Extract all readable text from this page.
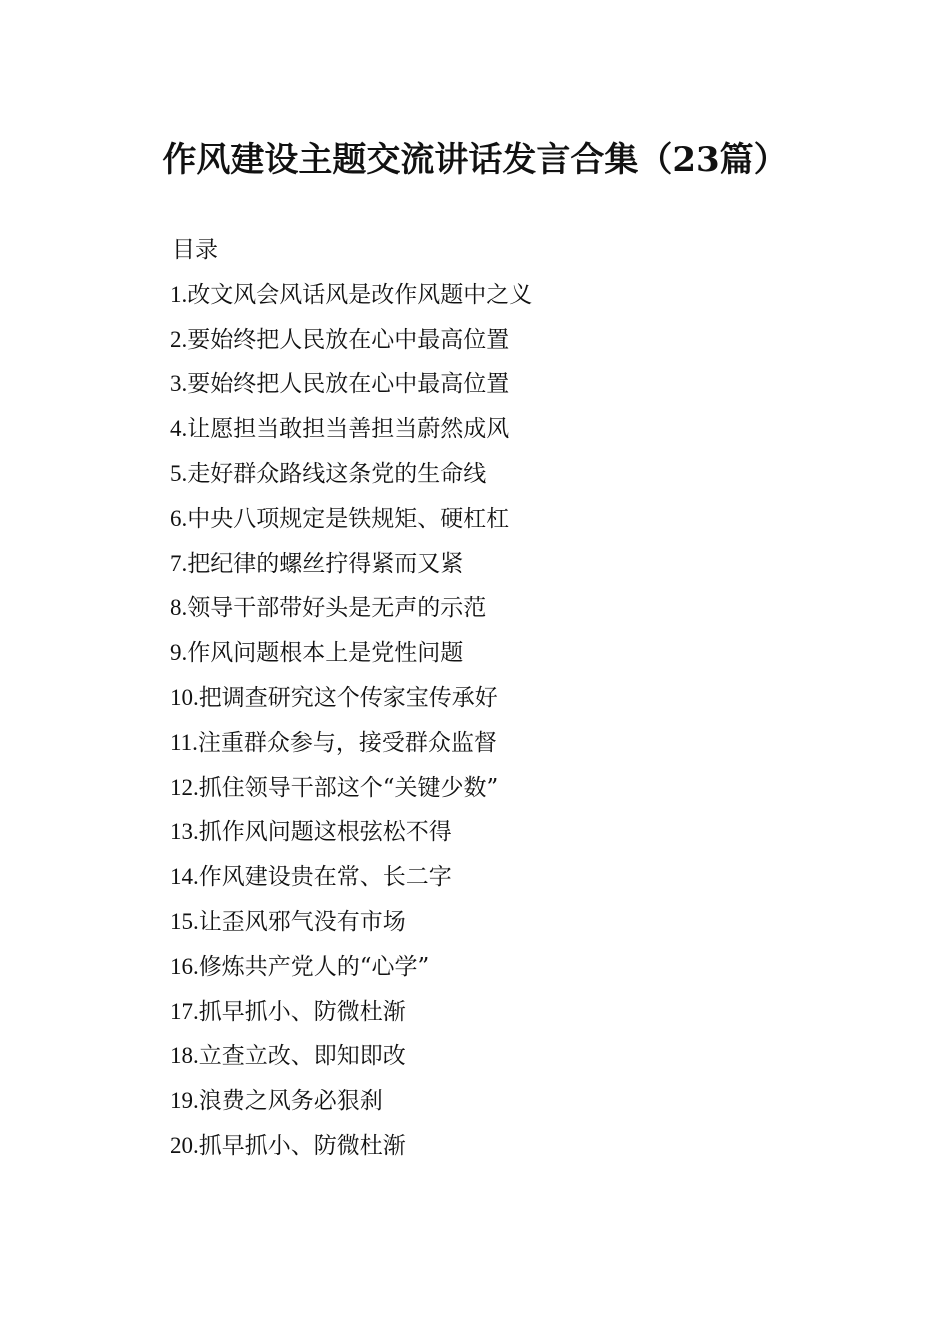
作风建设主题交流讲话发言合集（23篇）
目录
1.改文风会风话风是改作风题中之义
2.要始终把人民放在心中最高位置
3.要始终把人民放在心中最高位置
4.让愿担当敢担当善担当蔚然成风
5.走好群众路线这条党的生命线
6.中央八项规定是铁规矩、硬杠杠
7.把纪律的螺丝拧得紧而又紧
8.领导干部带好头是无声的示范
9.作风问题根本上是党性问题
10.把调查研究这个传家宝传承好
11.注重群众参与，接受群众监督
12.抓住领导干部这个“关键少数”
13.抓作风问题这根弦松不得
14.作风建设贵在常、长二字
15.让歪风邪气没有市场
16.修炼共产党人的“心学”
17.抓早抓小、防微杜渐
18.立查立改、即知即改
19.浪费之风务必狠刹
20.抓早抓小、防微杜渐
